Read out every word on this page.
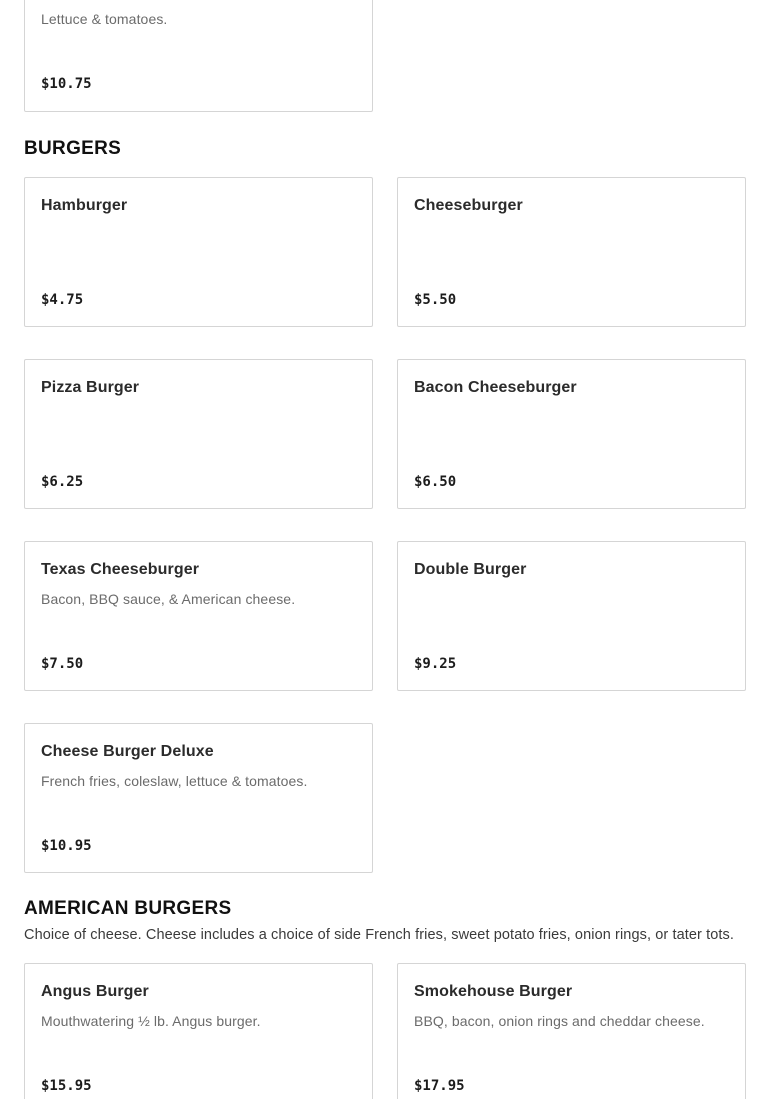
Lettuce & tomatoes.
$10.75
BURGERS
Hamburger
$4.75
Cheeseburger
$5.50
Pizza Burger
$6.25
Bacon Cheeseburger
$6.50
Texas Cheeseburger
Bacon, BBQ sauce, & American cheese.
$7.50
Double Burger
$9.25
Cheese Burger Deluxe
French fries, coleslaw, lettuce & tomatoes.
$10.95
AMERICAN BURGERS

Choice of cheese. Cheese includes a choice of side French fries, sweet potato fries, onion rings, or tater tots.

Angus Burger
Mouthwatering ½ lb. Angus burger.
$15.95
Smokehouse Burger
BBQ, bacon, onion rings and cheddar cheese.
$17.95
